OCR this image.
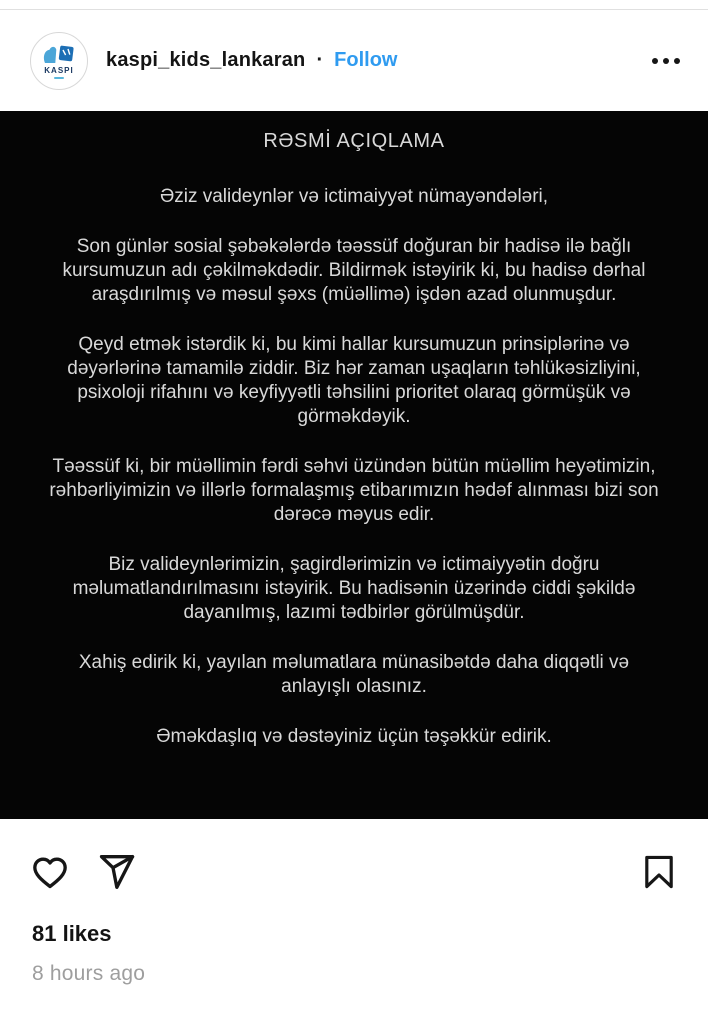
KASPI kaspi_kids_lankaran · Follow
RƏSMİ AÇIQLAMA

Əziz valideynlər və ictimaiyyət nümayəndələri,

Son günlər sosial şəbəkələrdə təəssüf doğuran bir hadisə ilə bağlı kursumuzun adı çəkilməkdədir. Bildirmək istəyirik ki, bu hadisə dərhal araşdırılmış və məsul şəxs (müəllimə) işdən azad olunmuşdur.

Qeyd etmək istərdik ki, bu kimi hallar kursumuzun prinsiplərinə və dəyərlərinə tamamilə ziddir. Biz hər zaman uşaqların təhlükəsizliyini, psixoloji rifahını və keyfiyyətli təhsilini prioritet olaraq görmüşük və görməkdəyik.

Təəssüf ki, bir müəllimin fərdi səhvi üzündən bütün müəllim heyətimizin, rəhbərliyimizin və illərlə formalaşmış etibarımızın hədəf alınması bizi son dərəcə məyus edir.

Biz valideynlərimizin, şagirdlərimizin və ictimaiyyətin doğru məlumatlandırılmasını istəyirik. Bu hadisənin üzərində ciddi şəkildə dayanılmış, lazımi tədbirlər görülmüşdür.

Xahiş edirik ki, yayılan məlumatlara münasibətdə daha diqqətli və anlayışlı olasınız.

Əməkdaşlıq və dəstəyiniz üçün təşəkkür edirik.

81 likes
8 hours ago
